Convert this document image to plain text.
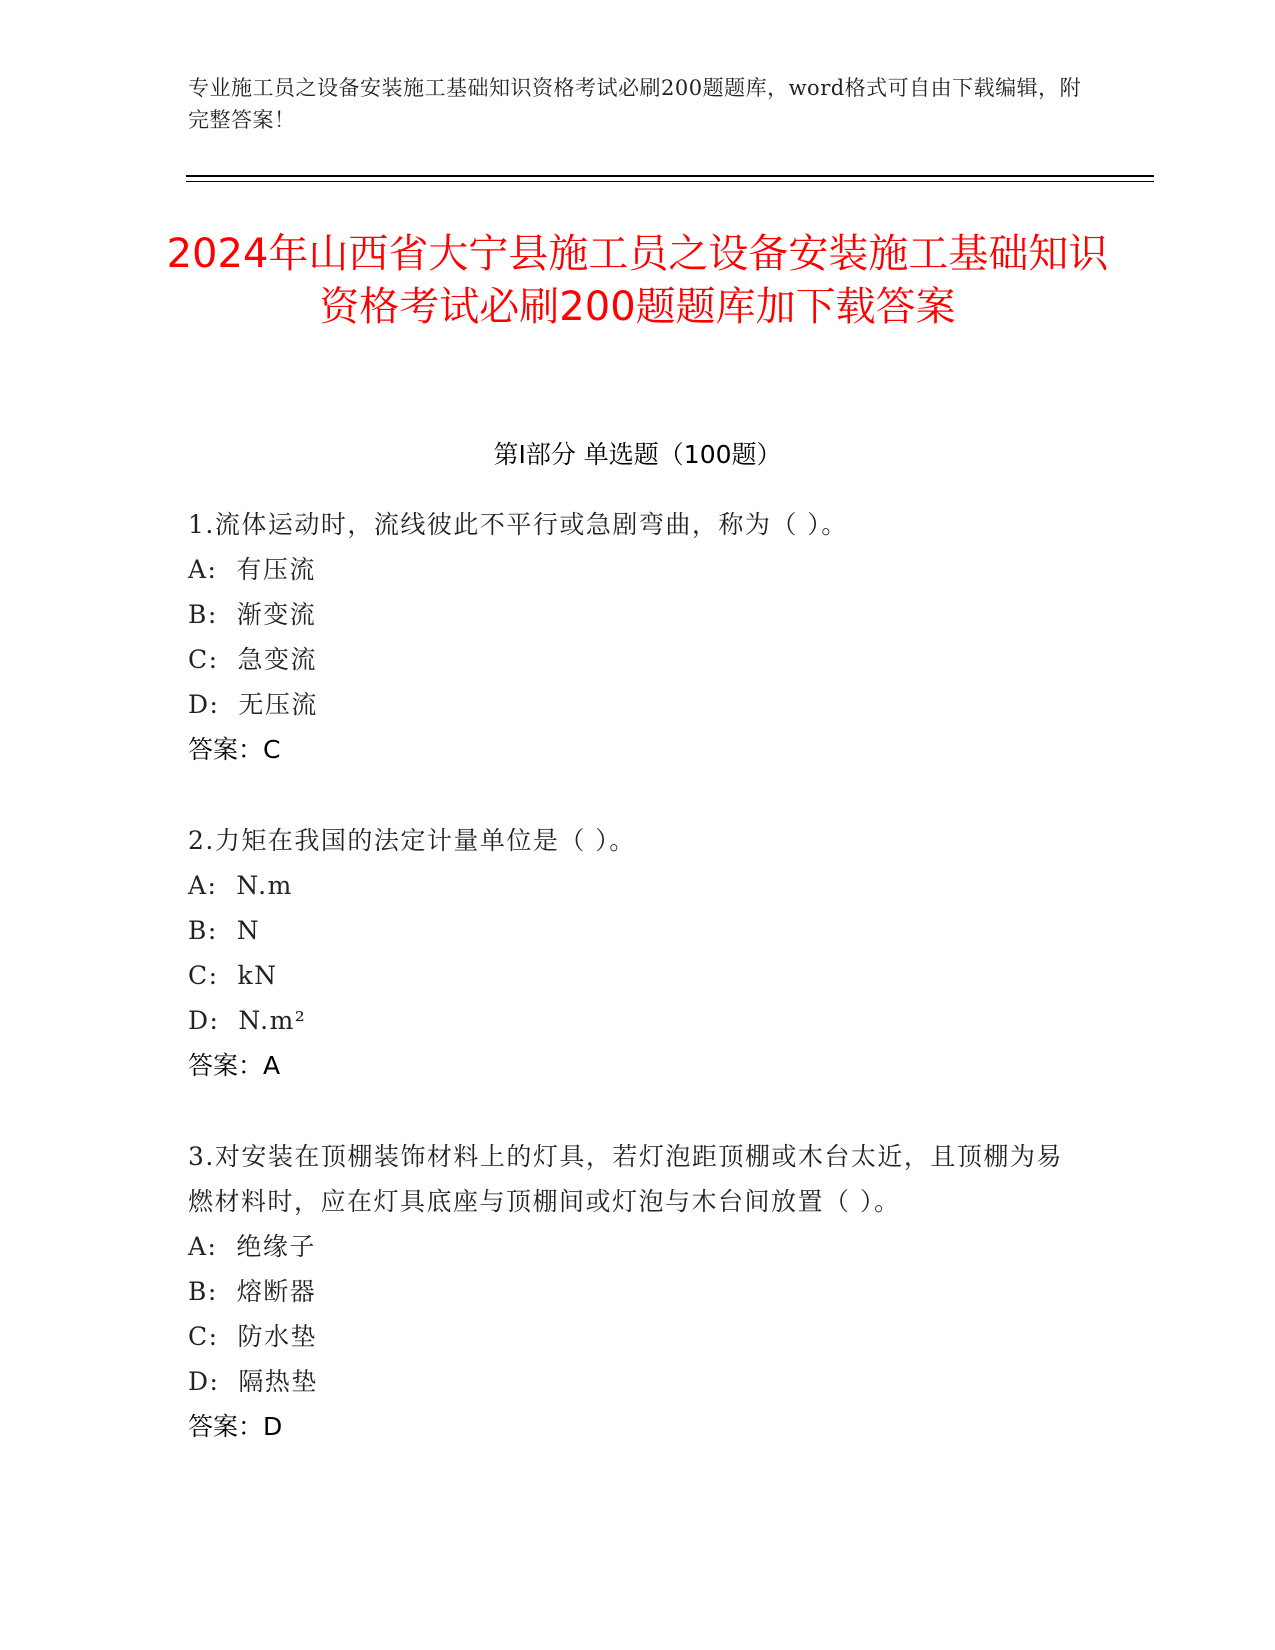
专业施工员之设备安装施工基础知识资格考试必刷200题题库，word格式可自由下载编辑，附完整答案！
2024年山西省大宁县施工员之设备安装施工基础知识资格考试必刷200题题库加下载答案
第I部分 单选题（100题）
1.流体运动时，流线彼此不平行或急剧弯曲，称为（ ）。
A:  有压流
B:  渐变流
C:  急变流
D:  无压流
答案：C
2.力矩在我国的法定计量单位是（ ）。
A:  N.m
B:  N
C:  kN
D:  N.m²
答案：A
3.对安装在顶棚装饰材料上的灯具，若灯泡距顶棚或木台太近，且顶棚为易燃材料时，应在灯具底座与顶棚间或灯泡与木台间放置（ ）。
A:  绝缘子
B:  熔断器
C:  防水垫
D:  隔热垫
答案：D
